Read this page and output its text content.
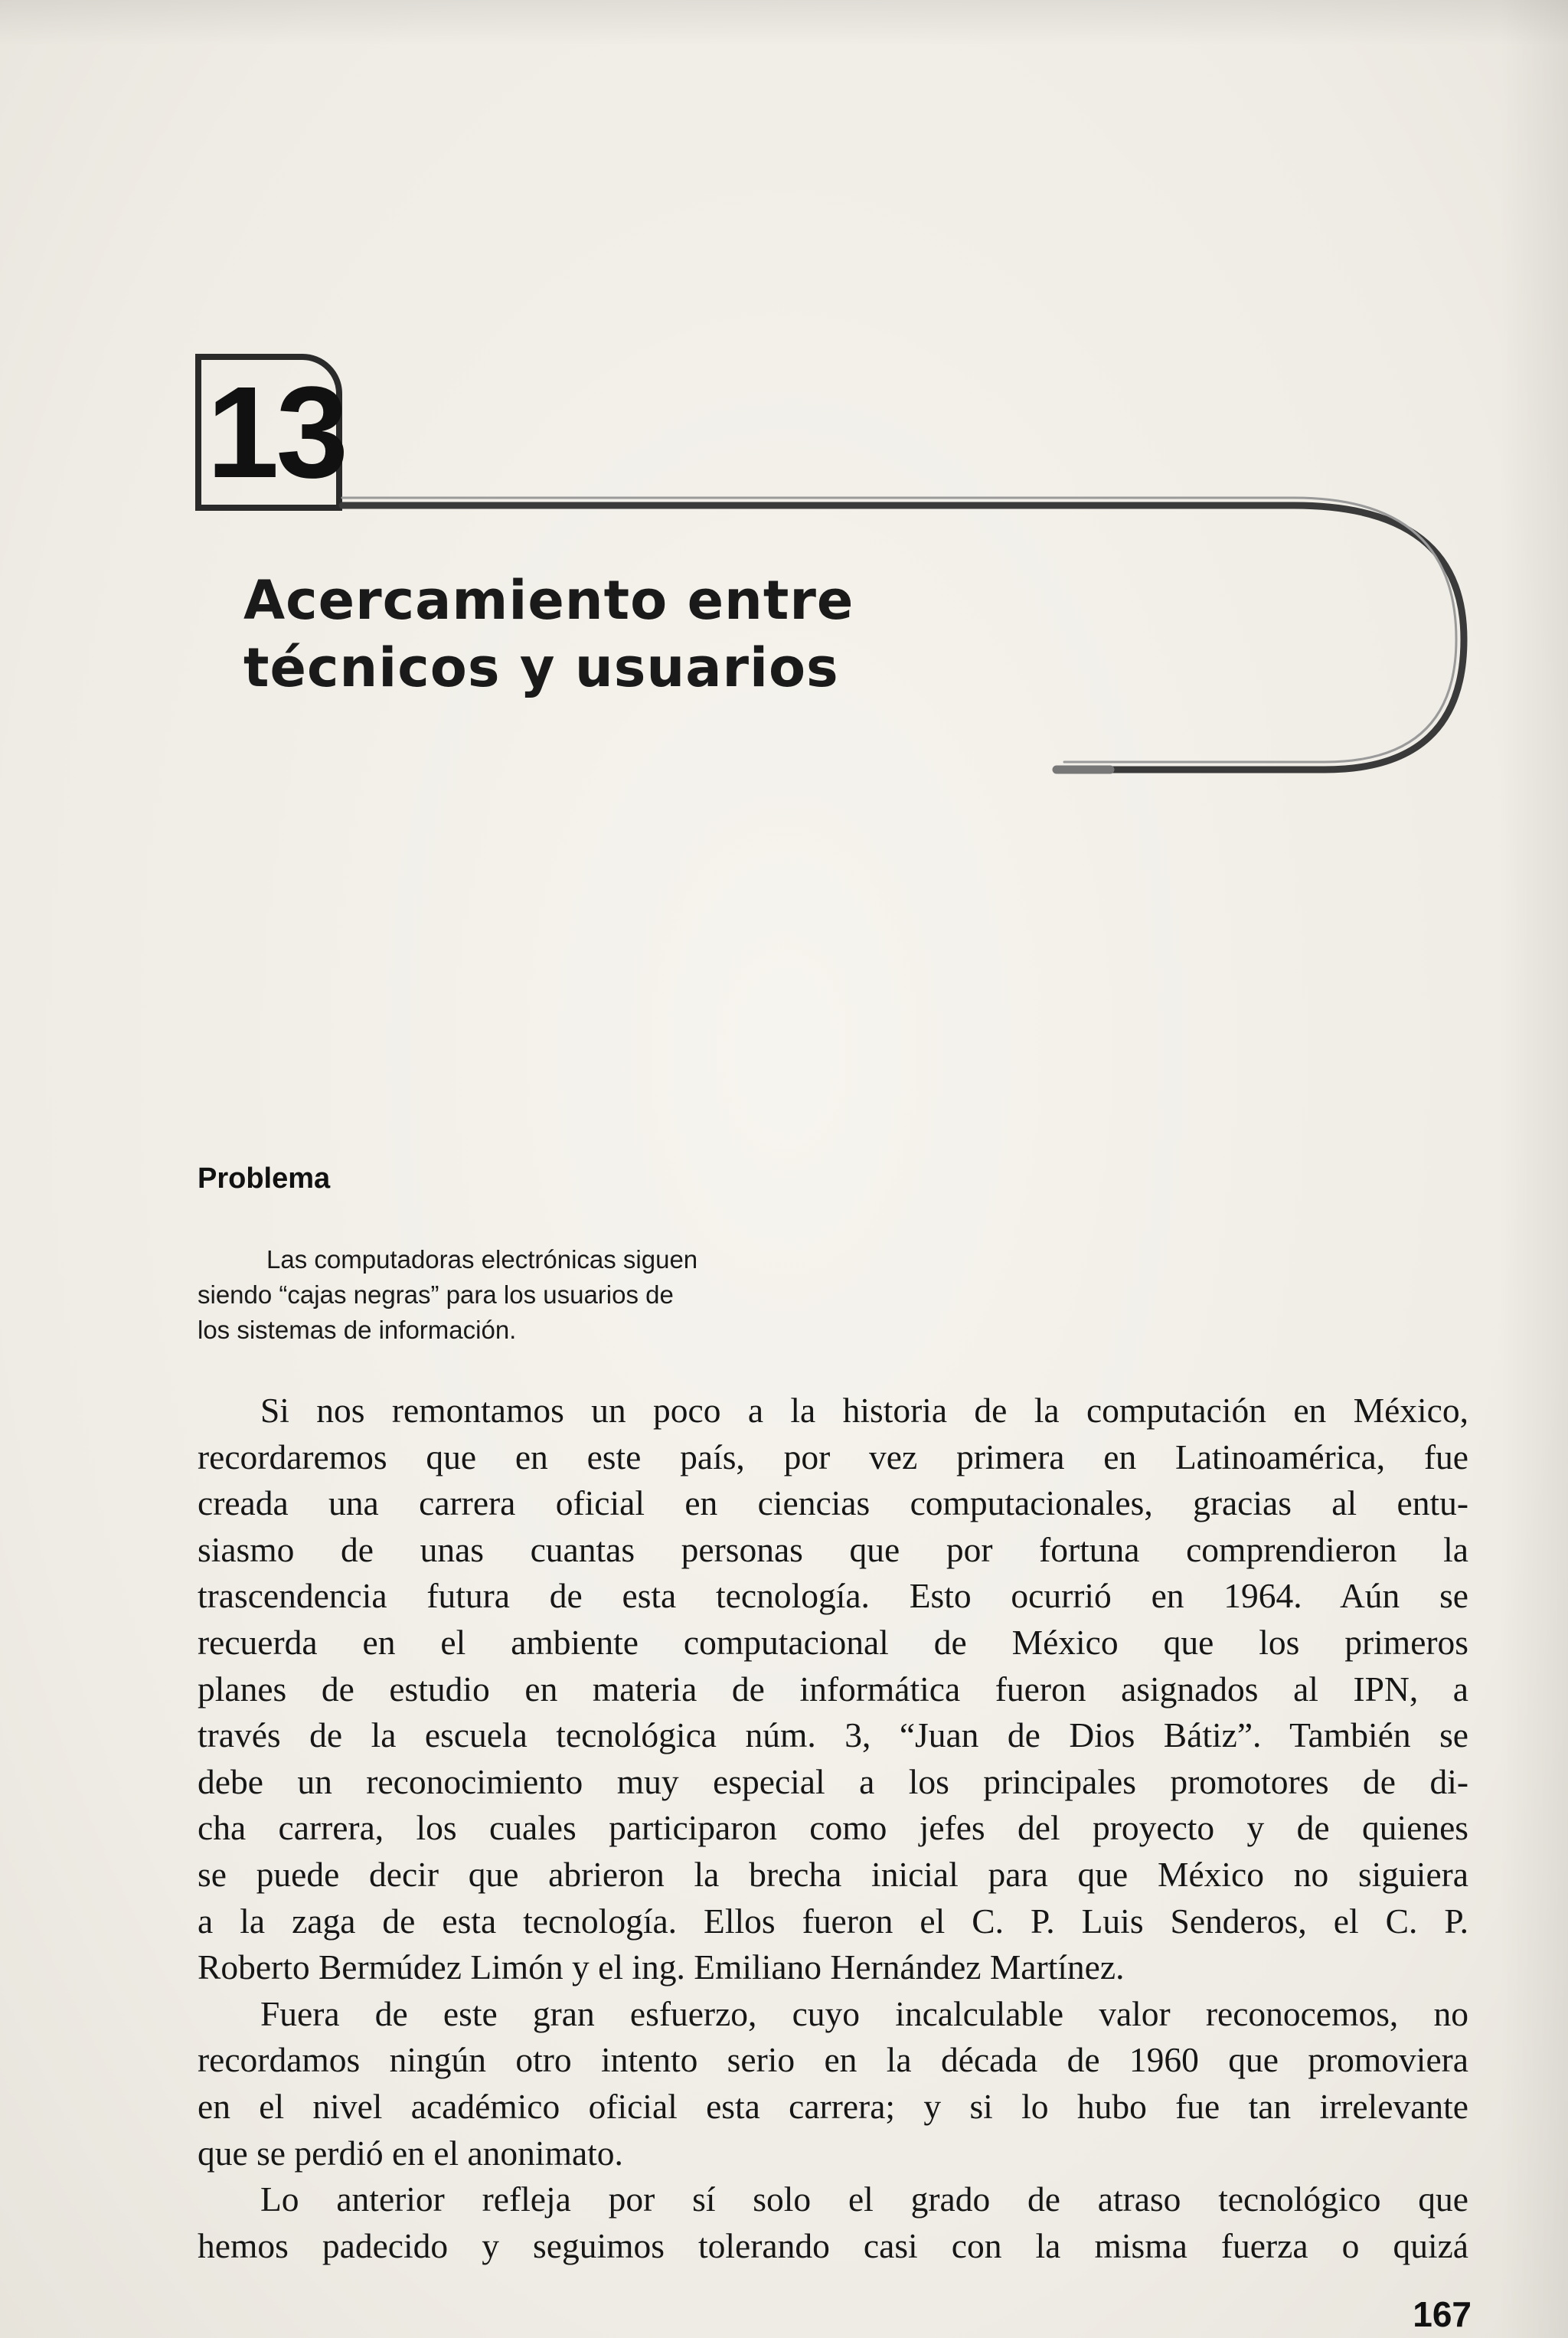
13
Acercamiento entre
técnicos y usuarios
Problema
Las computadoras electrónicas siguen
siendo “cajas negras” para los usuarios de
los sistemas de información.
Si nos remontamos un poco a la historia de la computación en México,
recordaremos que en este país, por vez primera en Latinoamérica, fue
creada una carrera oficial en ciencias computacionales, gracias al entu-
siasmo de unas cuantas personas que por fortuna comprendieron la
trascendencia futura de esta tecnología. Esto ocurrió en 1964. Aún se
recuerda en el ambiente computacional de México que los primeros
planes de estudio en materia de informática fueron asignados al IPN, a
través de la escuela tecnológica núm. 3, “Juan de Dios Bátiz”. También se
debe un reconocimiento muy especial a los principales promotores de di-
cha carrera, los cuales participaron como jefes del proyecto y de quienes
se puede decir que abrieron la brecha inicial para que México no siguiera
a la zaga de esta tecnología. Ellos fueron el C. P. Luis Senderos, el C. P.
Roberto Bermúdez Limón y el ing. Emiliano Hernández Martínez.
Fuera de este gran esfuerzo, cuyo incalculable valor reconocemos, no
recordamos ningún otro intento serio en la década de 1960 que promoviera
en el nivel académico oficial esta carrera; y si lo hubo fue tan irrelevante
que se perdió en el anonimato.
Lo anterior refleja por sí solo el grado de atraso tecnológico que
hemos padecido y seguimos tolerando casi con la misma fuerza o quizá
167
